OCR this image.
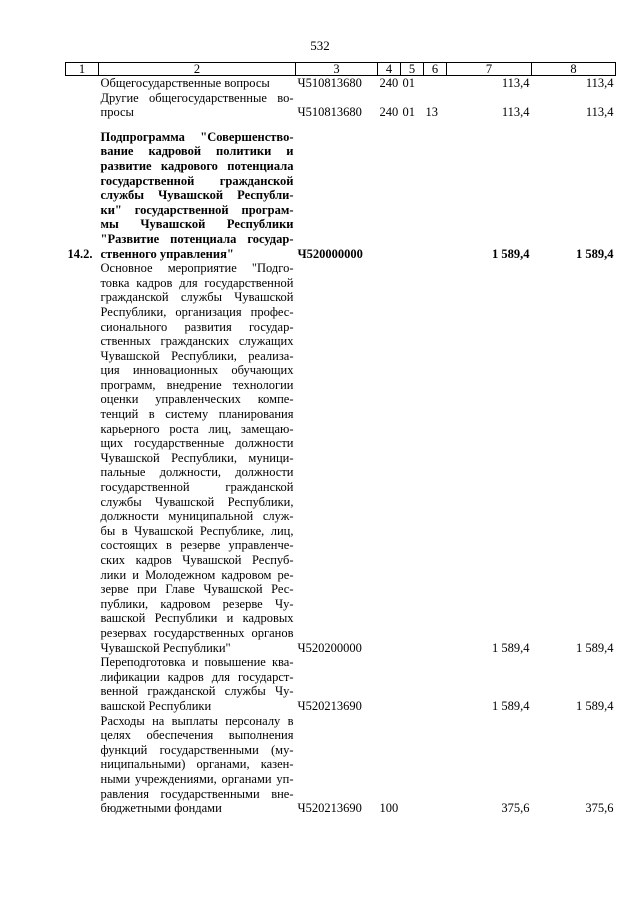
532
1	2	3	4	5	6	7	8
	Общегосударственные вопросы	Ч510813680	240	01		113,4	113,4
	Другие общегосударственные во- просы	Ч510813680	240	01	13	113,4	113,4

14.2.	Подпрограмма "Совершенство- вание кадровой политики и развитие кадрового потенциала государственной гражданской службы Чувашской Республи- ки" государственной програм- мы Чувашской Республики "Развитие потенциала государ- ственного управления"	Ч520000000				1 589,4	1 589,4
	Основное мероприятие "Подго- товка кадров для государственной гражданской службы Чувашской Республики, организация профес- сионального развития государ- ственных гражданских служащих Чувашской Республики, реализа- ция инновационных обучающих программ, внедрение технологии оценки управленческих компе- тенций в систему планирования карьерного роста лиц, замещаю- щих государственные должности Чувашской Республики, муници- пальные должности, должности государственной гражданской службы Чувашской Республики, должности муниципальной служ- бы в Чувашской Республике, лиц, состоящих в резерве управленче- ских кадров Чувашской Респуб- лики и Молодежном кадровом ре- зерве при Главе Чувашской Рес- публики, кадровом резерве Чу- вашской Республики и кадровых резервах государственных органов Чувашской Республики"	Ч520200000				1 589,4	1 589,4
	Переподготовка и повышение ква- лификации кадров для государст- венной гражданской службы Чу- вашской Республики	Ч520213690				1 589,4	1 589,4
	Расходы на выплаты персоналу в целях обеспечения выполнения функций государственными (му- ниципальными) органами, казен- ными учреждениями, органами уп- равления государственными вне- бюджетными фондами	Ч520213690	100			375,6	375,6
